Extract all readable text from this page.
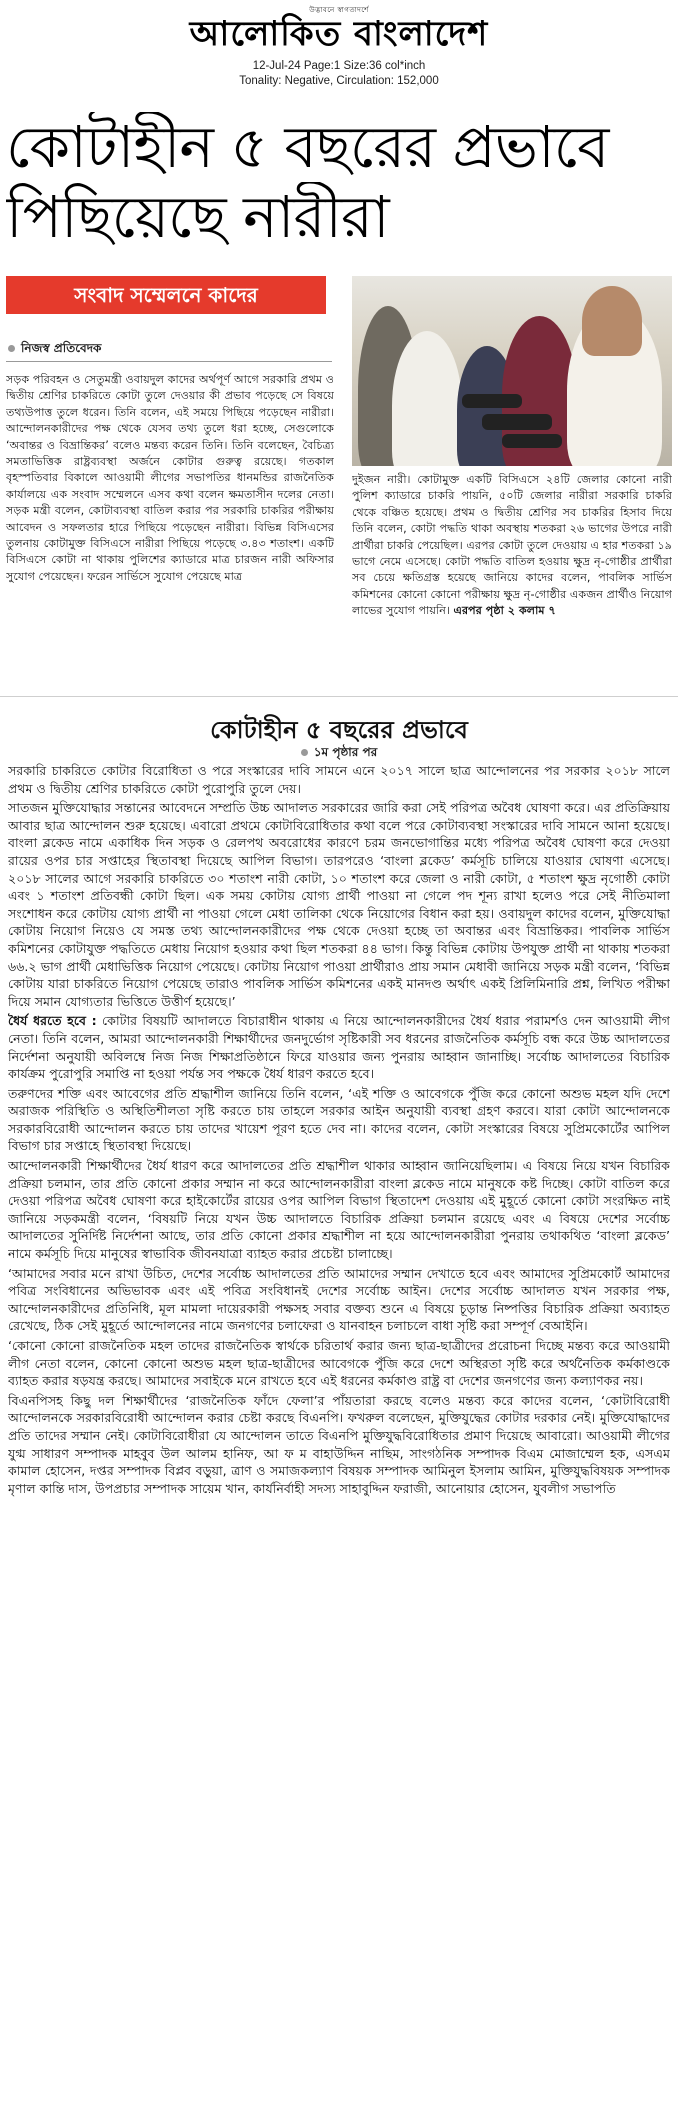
উদ্ভাবনে স্বাগতাদর্শে
আলোকিত বাংলাদেশ
12-Jul-24 Page:1 Size:36 col*inch
Tonality: Negative, Circulation: 152,000
কোটাহীন ৫ বছরের প্রভাবে
পিছিয়েছে নারীরা
সংবাদ সম্মেলনে কাদের
নিজস্ব প্রতিবেদক

সড়ক পরিবহন ও সেতুমন্ত্রী ওবায়দুল কাদের অর্থপূর্ণ আগে সরকারি প্রথম ও দ্বিতীয় শ্রেণির চাকরিতে কোটা তুলে দেওয়ার কী প্রভাব পড়েছে সে বিষয়ে তথ্যউপাত্ত তুলে ধরেন। তিনি বলেন, এই সময়ে পিছিয়ে পড়েছেন নারীরা। আন্দোলনকারীদের পক্ষ থেকে যেসব তথ্য তুলে ধরা হচ্ছে, সেগুলোকে ‘অবান্তর ও বিভ্রান্তিকর’ বলেও মন্তব্য করেন তিনি। তিনি বলেছেন, বৈচিত্র্য সমতাভিত্তিক রাষ্ট্রব্যবস্থা অর্জনে কোটার গুরুত্ব রয়েছে। গতকাল বৃহস্পতিবার বিকালে আওয়ামী লীগের সভাপতির ধানমন্ডির রাজনৈতিক কার্যালয়ে এক সংবাদ সম্মেলনে এসব কথা বলেন ক্ষমতাসীন দলের নেতা। সড়ক মন্ত্রী বলেন, কোটাব্যবস্থা বাতিল করার পর সরকারি চাকরির পরীক্ষায় আবেদন ও সফলতার হারে পিছিয়ে পড়েছেন নারীরা। বিভিন্ন বিসিএসের তুলনায় কোটামুক্ত বিসিএসে নারীরা পিছিয়ে পড়েছে ৩.৪৩ শতাংশ। একটি বিসিএসে কোটা না থাকায় পুলিশের ক্যাডারে মাত্র চারজন নারী অফিসার সুযোগ পেয়েছেন। ফরেন সার্ভিসে সুযোগ পেয়েছে মাত্র

দুইজন নারী। কোটামুক্ত একটি বিসিএসে ২৪টি জেলার কোনো নারী পুলিশ ক্যাডারে চাকরি পায়নি, ৫০টি জেলার নারীরা সরকারি চাকরি থেকে বঞ্চিত হয়েছে। প্রথম ও দ্বিতীয় শ্রেণির সব চাকরির হিসাব দিয়ে তিনি বলেন, কোটা পদ্ধতি থাকা অবস্থায় শতকরা ২৬ ভাগের উপরে নারী প্রার্থীরা চাকরি পেয়েছিল। এরপর কোটা তুলে দেওয়ায় এ হার শতকরা ১৯ ভাগে নেমে এসেছে। কোটা পদ্ধতি বাতিল হওয়ায় ক্ষুদ্র নৃ-গোষ্ঠীর প্রার্থীরা সব চেয়ে ক্ষতিগ্রস্ত হয়েছে জানিয়ে কাদের বলেন, পাবলিক সার্ভিস কমিশনের কোনো কোনো পরীক্ষায় ক্ষুদ্র নৃ-গোষ্ঠীর একজন প্রার্থীও নিয়োগ লাভের সুযোগ পায়নি। এরপর পৃষ্ঠা ২ কলাম ৭

কোটাহীন ৫ বছরের প্রভাবে
১ম পৃষ্ঠার পর

সরকারি চাকরিতে কোটার বিরোধিতা ও পরে সংস্কারের দাবি সামনে এনে ২০১৭ সালে ছাত্র আন্দোলনের পর সরকার ২০১৮ সালে প্রথম ও দ্বিতীয় শ্রেণির চাকরিতে কোটা পুরোপুরি তুলে দেয়।

সাতজন মুক্তিযোদ্ধার সন্তানের আবেদনে সম্প্রতি উচ্চ আদালত সরকারের জারি করা সেই পরিপত্র অবৈধ ঘোষণা করে। এর প্রতিক্রিয়ায় আবার ছাত্র আন্দোলন শুরু হয়েছে। এবারো প্রথমে কোটাবিরোধিতার কথা বলে পরে কোটাব্যবস্থা সংস্কারের দাবি সামনে আনা হয়েছে। বাংলা ব্লকেড নামে একাধিক দিন সড়ক ও রেলপথ অবরোধের কারণে চরম জনভোগান্তির মধ্যে পরিপত্র অবৈধ ঘোষণা করে দেওয়া রায়ের ওপর চার সপ্তাহের স্থিতাবস্থা দিয়েছে আপিল বিভাগ। তারপরেও ‘বাংলা ব্লকেড’ কর্মসূচি চালিয়ে যাওয়ার ঘোষণা এসেছে। ২০১৮ সালের আগে সরকারি চাকরিতে ৩০ শতাংশ নারী কোটা, ১০ শতাংশ করে জেলা ও নারী কোটা, ৫ শতাংশ ক্ষুদ্র নৃগোষ্ঠী কোটা এবং ১ শতাংশ প্রতিবন্ধী কোটা ছিল। এক সময় কোটায় যোগ্য প্রার্থী পাওয়া না গেলে পদ শূন্য রাখা হলেও পরে সেই নীতিমালা সংশোধন করে কোটায় যোগ্য প্রার্থী না পাওয়া গেলে মেধা তালিকা থেকে নিয়োগের বিধান করা হয়। ওবায়দুল কাদের বলেন, মুক্তিযোদ্ধা কোটায় নিয়োগ নিয়েও যে সমস্ত তথ্য আন্দোলনকারীদের পক্ষ থেকে দেওয়া হচ্ছে তা অবান্তর এবং বিভ্রান্তিকর। পাবলিক সার্ভিস কমিশনের কোটাযুক্ত পদ্ধতিতে মেধায় নিয়োগ হওয়ার কথা ছিল শতকরা ৪৪ ভাগ। কিন্তু বিভিন্ন কোটায় উপযুক্ত প্রার্থী না থাকায় শতকরা ৬৬.২ ভাগ প্রার্থী মেধাভিত্তিক নিয়োগ পেয়েছে। কোটায় নিয়োগ পাওয়া প্রার্থীরাও প্রায় সমান মেধাবী জানিয়ে সড়ক মন্ত্রী বলেন, ‘বিভিন্ন কোটায় যারা চাকরিতে নিয়োগ পেয়েছে তারাও পাবলিক সার্ভিস কমিশনের একই মানদণ্ড অর্থাৎ একই প্রিলিমিনারি প্রশ্ন, লিখিত পরীক্ষা দিয়ে সমান যোগ্যতার ভিত্তিতে উত্তীর্ণ হয়েছে।’

ধৈর্য ধরতে হবে : কোটার বিষয়টি আদালতে বিচারাধীন থাকায় এ নিয়ে আন্দোলনকারীদের ধৈর্য ধরার পরামর্শও দেন আওয়ামী লীগ নেতা। তিনি বলেন, আমরা আন্দোলনকারী শিক্ষার্থীদের জনদুর্ভোগ সৃষ্টিকারী সব ধরনের রাজনৈতিক কর্মসূচি বন্ধ করে উচ্চ আদালতের নির্দেশনা অনুযায়ী অবিলম্বে নিজ নিজ শিক্ষাপ্রতিষ্ঠানে ফিরে যাওয়ার জন্য পুনরায় আহ্বান জানাচ্ছি। সর্বোচ্চ আদালতের বিচারিক কার্যক্রম পুরোপুরি সমাপ্তি না হওয়া পর্যন্ত সব পক্ষকে ধৈর্য ধারণ করতে হবে।

তরুণদের শক্তি এবং আবেগের প্রতি শ্রদ্ধাশীল জানিয়ে তিনি বলেন, ‘এই শক্তি ও আবেগকে পুঁজি করে কোনো অশুভ মহল যদি দেশে অরাজক পরিস্থিতি ও অস্থিতিশীলতা সৃষ্টি করতে চায় তাহলে সরকার আইন অনুযায়ী ব্যবস্থা গ্রহণ করবে। যারা কোটা আন্দোলনকে সরকারবিরোধী আন্দোলন করতে চায় তাদের খায়েশ পূরণ হতে দেব না। কাদের বলেন, কোটা সংস্কারের বিষয়ে সুপ্রিমকোর্টের আপিল বিভাগ চার সপ্তাহে স্থিতাবস্থা দিয়েছে।

আন্দোলনকারী শিক্ষার্থীদের ধৈর্য ধারণ করে আদালতের প্রতি শ্রদ্ধাশীল থাকার আহ্বান জানিয়েছিলাম। এ বিষয়ে নিয়ে যখন বিচারিক প্রক্রিয়া চলমান, তার প্রতি কোনো প্রকার সম্মান না করে আন্দোলনকারীরা বাংলা ব্লকেড নামে মানুষকে কষ্ট দিচ্ছে। কোটা বাতিল করে দেওয়া পরিপত্র অবৈধ ঘোষণা করে হাইকোর্টের রায়ের ওপর আপিল বিভাগ স্থিতাদেশ দেওয়ায় এই মুহূর্তে কোনো কোটা সংরক্ষিত নাই জানিয়ে সড়কমন্ত্রী বলেন, ‘বিষয়টি নিয়ে যখন উচ্চ আদালতে বিচারিক প্রক্রিয়া চলমান রয়েছে এবং এ বিষয়ে দেশের সর্বোচ্চ আদালতের সুনির্দিষ্ট নির্দেশনা আছে, তার প্রতি কোনো প্রকার শ্রদ্ধাশীল না হয়ে আন্দোলনকারীরা পুনরায় তথাকথিত ‘বাংলা ব্লকেড’ নামে কর্মসূচি দিয়ে মানুষের স্বাভাবিক জীবনযাত্রা ব্যাহত করার প্রচেষ্টা চালাচ্ছে।

‘আমাদের সবার মনে রাখা উচিত, দেশের সর্বোচ্চ আদালতের প্রতি আমাদের সম্মান দেখাতে হবে এবং আমাদের সুপ্রিমকোর্ট আমাদের পবিত্র সংবিধানের অভিভাবক এবং এই পবিত্র সংবিধানই দেশের সর্বোচ্চ আইন। দেশের সর্বোচ্চ আদালত যখন সরকার পক্ষ, আন্দোলনকারীদের প্রতিনিধি, মূল মামলা দায়েরকারী পক্ষসহ সবার বক্তব্য শুনে এ বিষয়ে চূড়ান্ত নিষ্পত্তির বিচারিক প্রক্রিয়া অব্যাহত রেখেছে, ঠিক সেই মুহূর্তে আন্দোলনের নামে জনগণের চলাফেরা ও যানবাহন চলাচলে বাধা সৃষ্টি করা সম্পূর্ণ বেআইনি।

‘কোনো কোনো রাজনৈতিক মহল তাদের রাজনৈতিক স্বার্থকে চরিতার্থ করার জন্য ছাত্র-ছাত্রীদের প্ররোচনা দিচ্ছে মন্তব্য করে আওয়ামী লীগ নেতা বলেন, কোনো কোনো অশুভ মহল ছাত্র-ছাত্রীদের আবেগকে পুঁজি করে দেশে অস্থিরতা সৃষ্টি করে অর্থনৈতিক কর্মকাণ্ডকে ব্যাহত করার ষড়যন্ত্র করছে। আমাদের সবাইকে মনে রাখতে হবে এই ধরনের কর্মকাণ্ড রাষ্ট্র বা দেশের জনগণের জন্য কল্যাণকর নয়।

বিএনপিসহ কিছু দল শিক্ষার্থীদের ‘রাজনৈতিক ফাঁদে ফেলা’র পাঁয়তারা করছে বলেও মন্তব্য করে কাদের বলেন, ‘কোটাবিরোধী আন্দোলনকে সরকারবিরোধী আন্দোলন করার চেষ্টা করছে বিএনপি। ফখরুল বলেছেন, মুক্তিযুদ্ধের কোটার দরকার নেই। মুক্তিযোদ্ধাদের প্রতি তাদের সম্মান নেই। কোটাবিরোধীরা যে আন্দোলন তাতে বিএনপি মুক্তিযুদ্ধবিরোধিতার প্রমাণ দিয়েছে আবারো। আওয়ামী লীগের যুগ্ম সাধারণ সম্পাদক মাহবুব উল আলম হানিফ, আ ফ ম বাহাউদ্দিন নাছিম, সাংগঠনিক সম্পাদক বিএম মোজাম্মেল হক, এসএম কামাল হোসেন, দপ্তর সম্পাদক বিপ্লব বড়ুয়া, ত্রাণ ও সমাজকল্যাণ বিষয়ক সম্পাদক আমিনুল ইসলাম আমিন, মুক্তিযুদ্ধবিষয়ক সম্পাদক মৃণাল কান্তি দাস, উপপ্রচার সম্পাদক সায়েম খান, কার্যনির্বাহী সদস্য সাহাবুদ্দিন ফরাজী, আনোয়ার হোসেন, যুবলীগ সভাপতি
